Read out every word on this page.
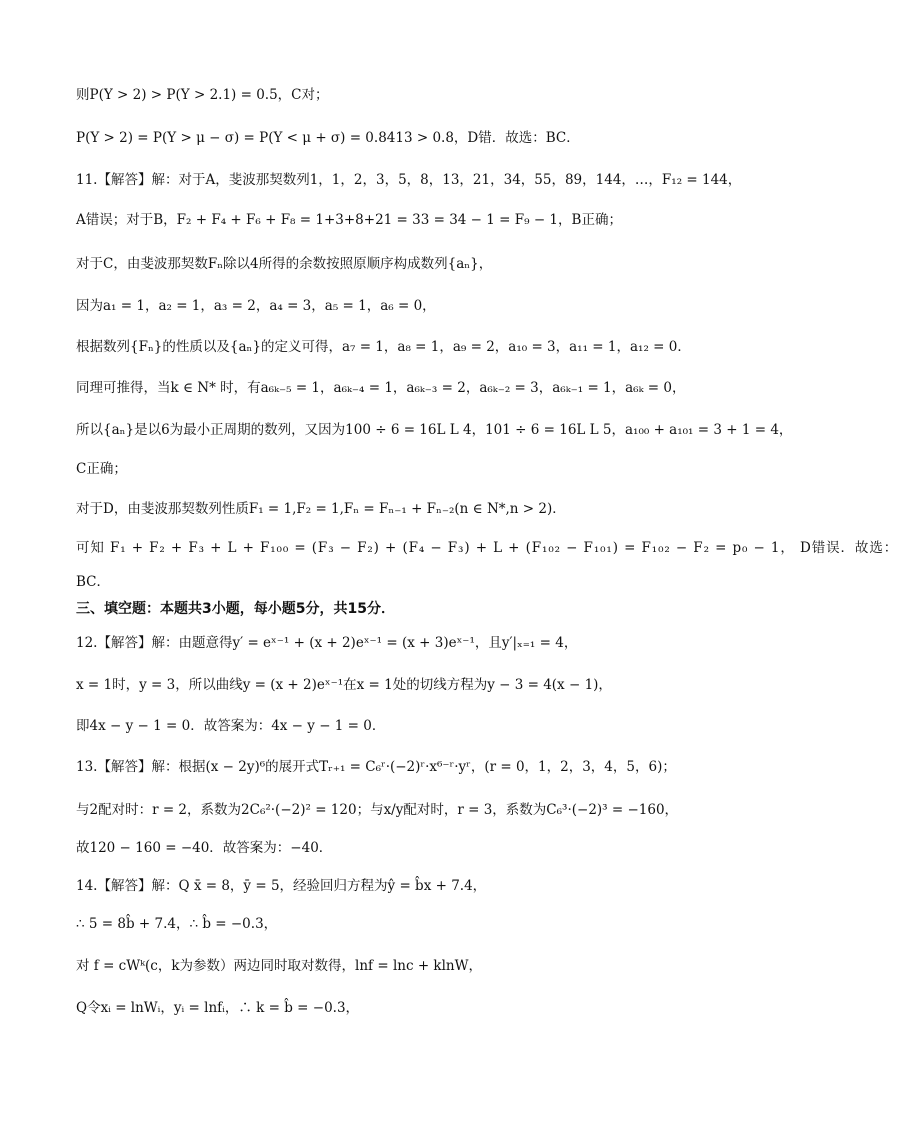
则P(Y > 2) > P(Y > 2.1) = 0.5，C对；
P(Y > 2) = P(Y > μ − σ) = P(Y < μ + σ) = 0.8413 > 0.8，D错．故选：BC．
11.【解答】解：对于A，斐波那契数列1，1，2，3，5，8，13，21，34，55，89，144，…，F₁₂ = 144，
A错误；对于B，F₂ + F₄ + F₆ + F₈ = 1+3+8+21 = 33 = 34 − 1 = F₉ − 1，B正确；
对于C，由斐波那契数Fₙ除以4所得的余数按照原顺序构成数列{aₙ}，
因为a₁ = 1，a₂ = 1，a₃ = 2，a₄ = 3，a₅ = 1，a₆ = 0，
根据数列{Fₙ}的性质以及{aₙ}的定义可得，a₇ = 1，a₈ = 1，a₉ = 2，a₁₀ = 3，a₁₁ = 1，a₁₂ = 0．
同理可推得，当k ∈ N* 时，有a₆ₖ₋₅ = 1，a₆ₖ₋₄ = 1，a₆ₖ₋₃ = 2，a₆ₖ₋₂ = 3，a₆ₖ₋₁ = 1，a₆ₖ = 0，
所以{aₙ}是以6为最小正周期的数列，又因为100 ÷ 6 = 16L L 4，101 ÷ 6 = 16L L 5，a₁₀₀ + a₁₀₁ = 3 + 1 = 4，
C正确；
对于D，由斐波那契数列性质F₁ = 1,F₂ = 1,Fₙ = Fₙ₋₁ + Fₙ₋₂(n ∈ N*,n > 2)．
可知 F₁ + F₂ + F₃ + L + F₁₀₀ = (F₃ − F₂) + (F₄ − F₃) + L + (F₁₀₂ − F₁₀₁) = F₁₀₂ − F₂ = p₀ − 1， D错误．故选：
BC．
三、填空题：本题共3小题，每小题5分，共15分．
12.【解答】解：由题意得y′ = eˣ⁻¹ + (x + 2)eˣ⁻¹ = (x + 3)eˣ⁻¹，且y′|ₓ₌₁ = 4，
x = 1时，y = 3，所以曲线y = (x + 2)eˣ⁻¹在x = 1处的切线方程为y − 3 = 4(x − 1)，
即4x − y − 1 = 0．故答案为：4x − y − 1 = 0．
13.【解答】解：根据(x − 2y)⁶的展开式Tᵣ₊₁ = C₆ʳ·(−2)ʳ·x⁶⁻ʳ·yʳ，(r = 0，1，2，3，4，5，6)；
与2配对时：r = 2，系数为2C₆²·(−2)² = 120；与x/y配对时，r = 3，系数为C₆³·(−2)³ = −160，
故120 − 160 = −40．故答案为：−40．
14.【解答】解：Q x̄ = 8，ȳ = 5，经验回归方程为ŷ = b̂x + 7.4，
∴ 5 = 8b̂ + 7.4，∴ b̂ = −0.3，
对 f = cWᵏ(c，k为参数）两边同时取对数得，lnf = lnc + klnW，
Q令xᵢ = lnWᵢ，yᵢ = lnfᵢ，∴ k = b̂ = −0.3，
